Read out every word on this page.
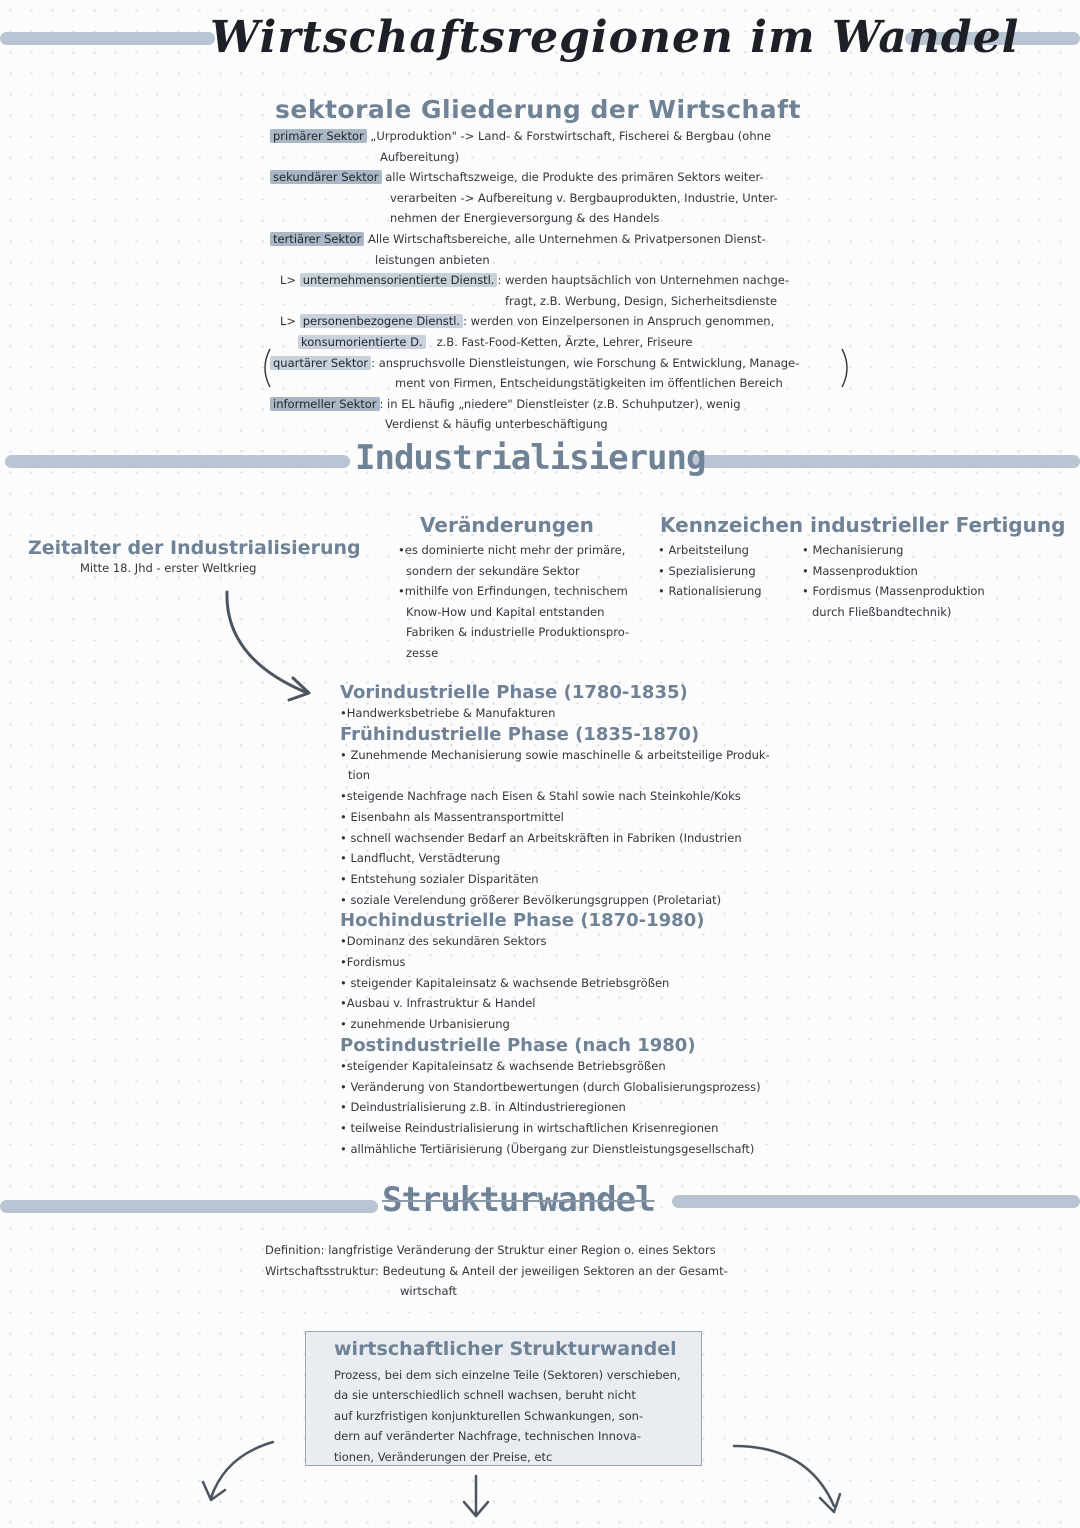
Wirtschaftsregionen im Wandel
sektorale Gliederung der Wirtschaft
primärer Sektor „Urproduktion" -> Land- & Forstwirtschaft, Fischerei & Bergbau (ohne
Aufbereitung)
sekundärer Sektor alle Wirtschaftszweige, die Produkte des primären Sektors weiter-
verarbeiten -> Aufbereitung v. Bergbauprodukten, Industrie, Unter-
nehmen der Energieversorgung & des Handels
tertiärer Sektor Alle Wirtschaftsbereiche, alle Unternehmen & Privatpersonen Dienst-
leistungen anbieten
L> unternehmensorientierte Dienstl. : werden hauptsächlich von Unternehmen nachge-
fragt, z.B. Werbung, Design, Sicherheitsdienste
L> personenbezogene Dienstl. : werden von Einzelpersonen in Anspruch genommen,
konsumorientierte D. z.B. Fast-Food-Ketten, Ärzte, Lehrer, Friseure
quartärer Sektor : anspruchsvolle Dienstleistungen, wie Forschung & Entwicklung, Manage-
ment von Firmen, Entscheidungstätigkeiten im öffentlichen Bereich
informeller Sektor : in EL häufig „niedere" Dienstleister (z.B. Schuhputzer), wenig
Verdienst & häufig unterbeschäftigung
Industrialisierung
Zeitalter der Industrialisierung
Mitte 18. Jhd - erster Weltkrieg
Veränderungen
•es dominierte nicht mehr der primäre,
sondern der sekundäre Sektor
•mithilfe von Erfindungen, technischem
Know-How und Kapital entstanden
Fabriken & industrielle Produktionspro-
zesse
Kennzeichen industrieller Fertigung
• Arbeitsteilung
• Spezialisierung
• Rationalisierung
• Mechanisierung
• Massenproduktion
• Fordismus (Massenproduktion
durch Fließbandtechnik)
Vorindustrielle Phase (1780-1835)
•Handwerksbetriebe & Manufakturen
Frühindustrielle Phase (1835-1870)
• Zunehmende Mechanisierung sowie maschinelle & arbeitsteilige Produk-
tion
•steigende Nachfrage nach Eisen & Stahl sowie nach Steinkohle/Koks
• Eisenbahn als Massentransportmittel
• schnell wachsender Bedarf an Arbeitskräften in Fabriken (Industrien
• Landflucht, Verstädterung
• Entstehung sozialer Disparitäten
• soziale Verelendung größerer Bevölkerungsgruppen (Proletariat)
Hochindustrielle Phase (1870-1980)
•Dominanz des sekundären Sektors
•Fordismus
• steigender Kapitaleinsatz & wachsende Betriebsgrößen
•Ausbau v. Infrastruktur & Handel
• zunehmende Urbanisierung
Postindustrielle Phase (nach 1980)
•steigender Kapitaleinsatz & wachsende Betriebsgrößen
• Veränderung von Standortbewertungen (durch Globalisierungsprozess)
• Deindustrialisierung z.B. in Altindustrieregionen
• teilweise Reindustrialisierung in wirtschaftlichen Krisenregionen
• allmähliche Tertiärisierung (Übergang zur Dienstleistungsgesellschaft)
Strukturwandel
Definition: langfristige Veränderung der Struktur einer Region o. eines Sektors
Wirtschaftsstruktur: Bedeutung & Anteil der jeweiligen Sektoren an der Gesamt-
wirtschaft
wirtschaftlicher Strukturwandel
Prozess, bei dem sich einzelne Teile (Sektoren) verschieben,
da sie unterschiedlich schnell wachsen, beruht nicht
auf kurzfristigen konjunkturellen Schwankungen, son-
dern auf veränderter Nachfrage, technischen Innova-
tionen, Veränderungen der Preise, etc
